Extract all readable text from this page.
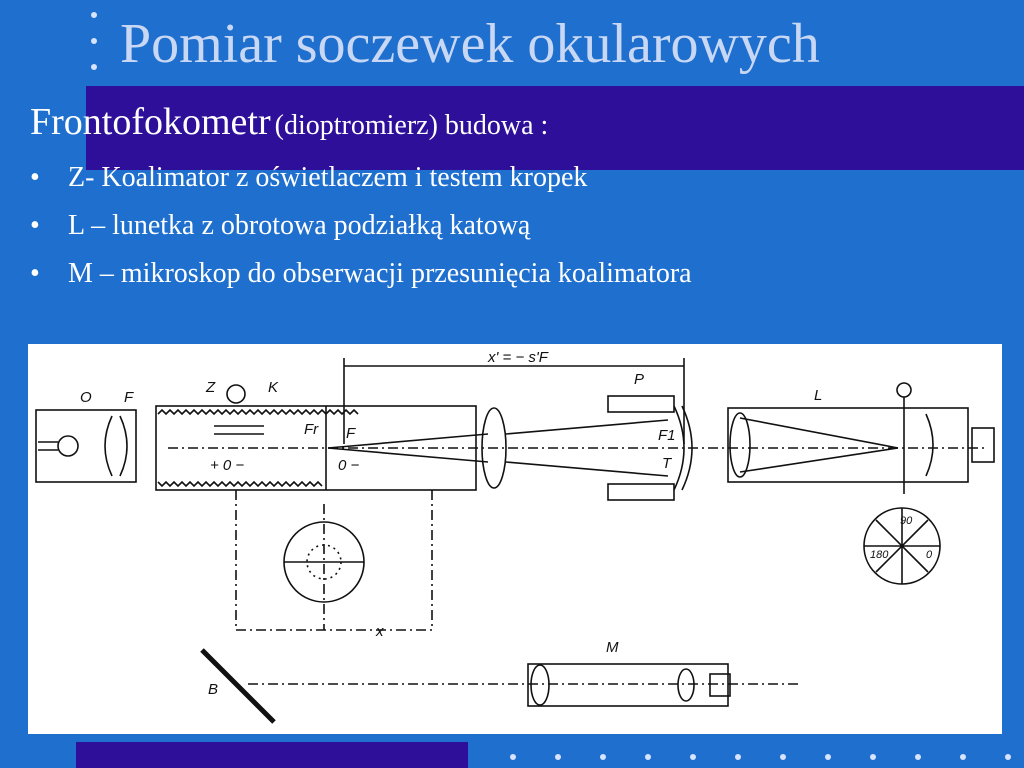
Pomiar soczewek okularowych
Frontofokometr (dioptromierz) budowa :
• Z- Koalimator z oświetlaczem i testem kropek
• L – lunetka z obrotowa podziałką katową
• M – mikroskop do obserwacji przesunięcia koalimatora
O F
Z	K
Fr F
+ 0 −	0 −
x' = − s'F
P
F1
T
L
x
B
M
90
180	0
